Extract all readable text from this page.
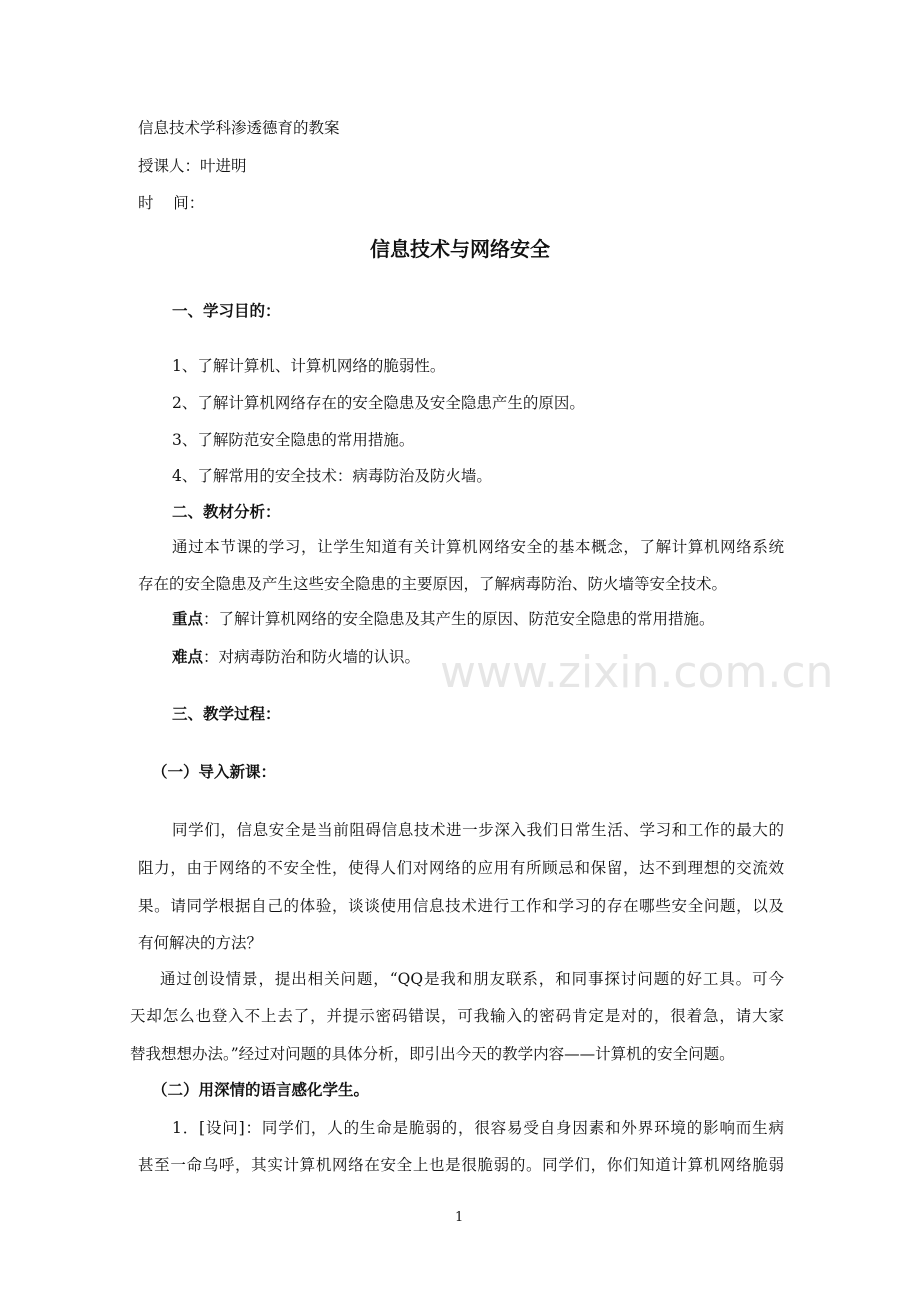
www.zixin.com.cn
信息技术学科渗透德育的教案
授课人：叶进明
时    间：
信息技术与网络安全
一、学习目的：
1、了解计算机、计算机网络的脆弱性。
2、了解计算机网络存在的安全隐患及安全隐患产生的原因。
3、了解防范安全隐患的常用措施。
4、了解常用的安全技术：病毒防治及防火墙。
二、教材分析：
通过本节课的学习，让学生知道有关计算机网络安全的基本概念，了解计算机网络系统
存在的安全隐患及产生这些安全隐患的主要原因，了解病毒防治、防火墙等安全技术。
重点：了解计算机网络的安全隐患及其产生的原因、防范安全隐患的常用措施。
难点：对病毒防治和防火墙的认识。
三、教学过程：
（一）导入新课：
同学们，信息安全是当前阻碍信息技术进一步深入我们日常生活、学习和工作的最大的
阻力，由于网络的不安全性，使得人们对网络的应用有所顾忌和保留，达不到理想的交流效
果。请同学根据自己的体验，谈谈使用信息技术进行工作和学习的存在哪些安全问题，以及
有何解决的方法？
通过创设情景，提出相关问题，“QQ是我和朋友联系，和同事探讨问题的好工具。可今
天却怎么也登入不上去了，并提示密码错误，可我输入的密码肯定是对的，很着急，请大家
替我想想办法。”经过对问题的具体分析，即引出今天的教学内容——计算机的安全问题。
（二）用深情的语言感化学生。
1．[设问]：同学们，人的生命是脆弱的，很容易受自身因素和外界环境的影响而生病
甚至一命乌呼，其实计算机网络在安全上也是很脆弱的。同学们，你们知道计算机网络脆弱
1
